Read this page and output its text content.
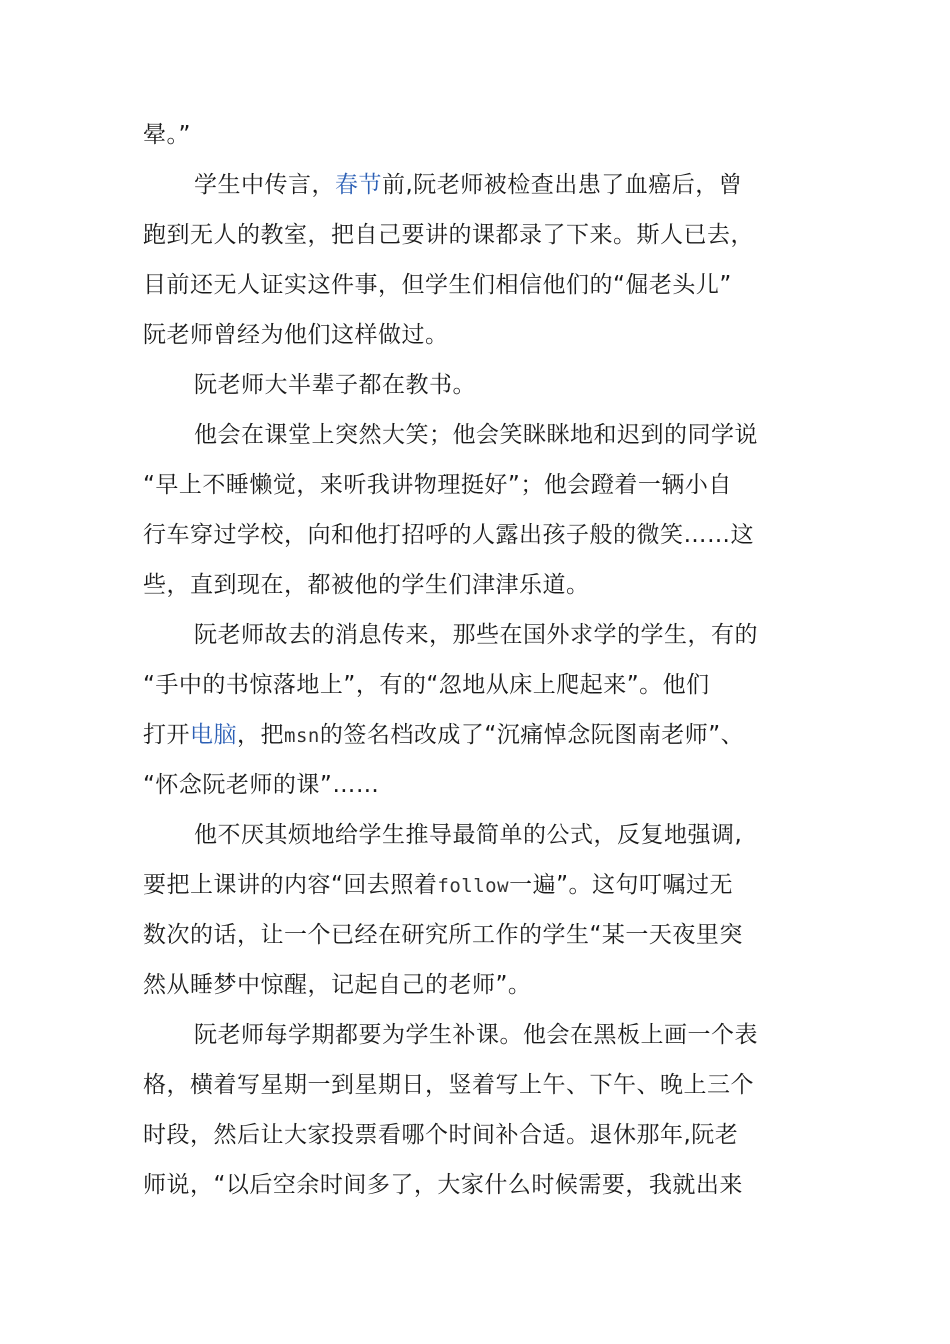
晕。”
学生中传言，春节前,阮老师被检查出患了血癌后，曾
跑到无人的教室，把自己要讲的课都录了下来。斯人已去，
目前还无人证实这件事，但学生们相信他们的“倔老头儿”
阮老师曾经为他们这样做过。
阮老师大半辈子都在教书。
他会在课堂上突然大笑；他会笑眯眯地和迟到的同学说
“早上不睡懒觉，来听我讲物理挺好”；他会蹬着一辆小自
行车穿过学校，向和他打招呼的人露出孩子般的微笑……这
些，直到现在，都被他的学生们津津乐道。
阮老师故去的消息传来，那些在国外求学的学生，有的
“手中的书惊落地上”，有的“忽地从床上爬起来”。他们
打开电脑，把msn的签名档改成了“沉痛悼念阮图南老师”、
“怀念阮老师的课”……
他不厌其烦地给学生推导最简单的公式，反复地强调,
要把上课讲的内容“回去照着follow一遍”。这句叮嘱过无
数次的话，让一个已经在研究所工作的学生“某一天夜里突
然从睡梦中惊醒，记起自己的老师”。
阮老师每学期都要为学生补课。他会在黑板上画一个表
格，横着写星期一到星期日，竖着写上午、下午、晚上三个
时段，然后让大家投票看哪个时间补合适。退休那年,阮老
师说，“以后空余时间多了，大家什么时候需要，我就出来
